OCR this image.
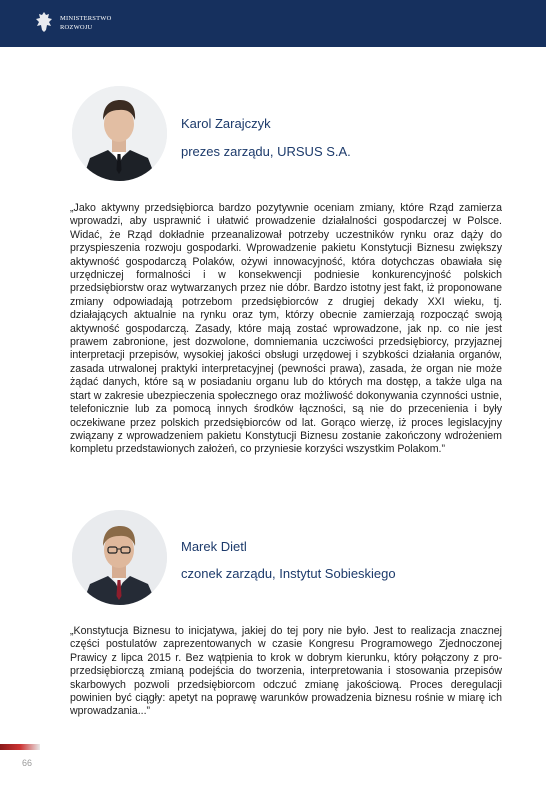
MINISTERSTWO
ROZWOJU
Karol Zarajczyk
prezes zarządu, URSUS S.A.
„Jako aktywny przedsiębiorca bardzo pozytywnie oceniam zmiany, które Rząd zamierza wprowadzi, aby usprawnić i ułatwić prowadzenie działalności gospodarczej w Polsce. Widać, że Rząd dokładnie przeanalizował potrzeby uczestników rynku oraz dąży do przyspieszenia rozwoju gospodarki. Wprowadzenie pakietu Konstytucji Biznesu zwiększy aktywność gospodarczą Polaków, ożywi innowacyjność, która dotychczas obawiała się urzędniczej formalności i w konsekwencji podniesie konkurencyjność polskich przedsiębiorstw oraz wytwarzanych przez nie dóbr. Bardzo istotny jest fakt, iż proponowane zmiany odpowiadają potrzebom przedsiębiorców z drugiej dekady XXI wieku, tj. działających aktualnie na rynku oraz tym, którzy obecnie zamierzają rozpocząć swoją aktywność gospodarczą. Zasady, które mają zostać wprowadzone, jak np. co nie jest prawem zabronione, jest dozwolone, domniemania uczciwości przedsiębiorcy, przyjaznej interpretacji przepisów, wysokiej jakości obsługi urzędowej i szybkości działania organów, zasada utrwalonej praktyki interpretacyjnej (pewności prawa), zasada, że organ nie może żądać danych, które są w posiadaniu organu lub do których ma dostęp, a także ulga na start w zakresie ubezpieczenia społecznego oraz możliwość dokonywania czynności ustnie, telefonicznie lub za pomocą innych środków łączności, są nie do przecenienia i były oczekiwane przez polskich przedsiębiorców od lat. Gorąco wierzę, iż proces legislacyjny związany z wprowadzeniem pakietu Konstytucji Biznesu zostanie zakończony wdrożeniem kompletu przedstawionych założeń, co przyniesie korzyści wszystkim Polakom.”
Marek Dietl
czonek zarządu, Instytut Sobieskiego
„Konstytucja Biznesu to inicjatywa, jakiej do tej pory nie było. Jest to realizacja znacznej części postulatów zaprezentowanych w czasie Kongresu Programowego Zjednoczonej Prawicy z lipca 2015 r. Bez wątpienia to krok w dobrym kierunku, który połączony z pro-przedsiębiorczą zmianą podejścia do tworzenia, interpretowania i stosowania przepisów skarbowych pozwoli przedsiębiorcom odczuć zmianę jakościową. Proces deregulacji powinien być ciągły: apetyt na poprawę warunków prowadzenia biznesu rośnie w miarę ich wprowadzania...”
66
